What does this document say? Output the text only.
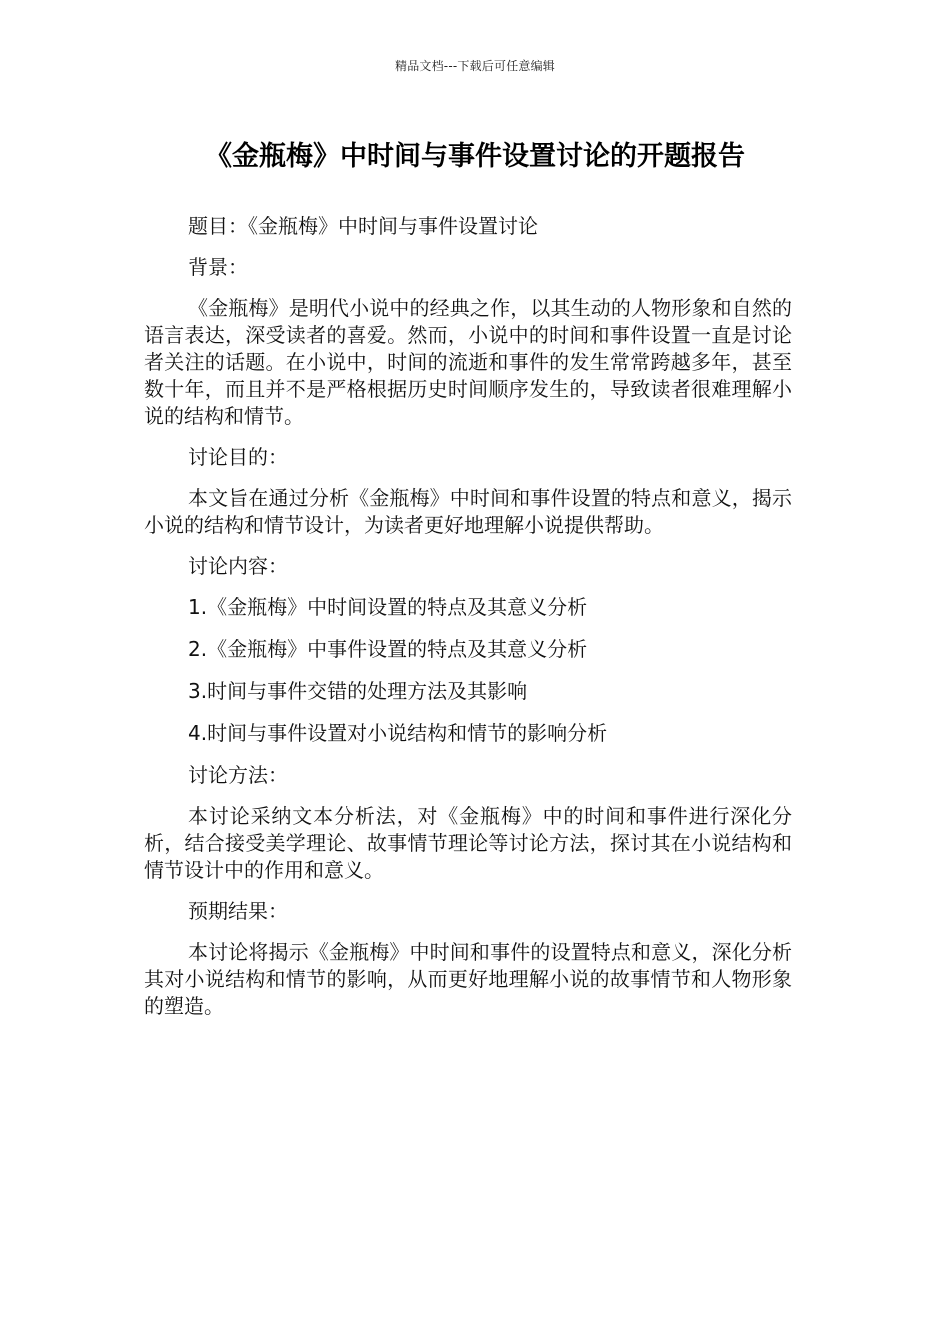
精品文档---下载后可任意编辑
《金瓶梅》中时间与事件设置讨论的开题报告

题目：《金瓶梅》中时间与事件设置讨论

背景：

《金瓶梅》是明代小说中的经典之作，以其生动的人物形象和自然的语言表达，深受读者的喜爱。然而，小说中的时间和事件设置一直是讨论者关注的话题。在小说中，时间的流逝和事件的发生常常跨越多年，甚至数十年，而且并不是严格根据历史时间顺序发生的，导致读者很难理解小说的结构和情节。

讨论目的：

本文旨在通过分析《金瓶梅》中时间和事件设置的特点和意义，揭示小说的结构和情节设计，为读者更好地理解小说提供帮助。

讨论内容：

1.《金瓶梅》中时间设置的特点及其意义分析

2.《金瓶梅》中事件设置的特点及其意义分析

3.时间与事件交错的处理方法及其影响

4.时间与事件设置对小说结构和情节的影响分析

讨论方法：

本讨论采纳文本分析法，对《金瓶梅》中的时间和事件进行深化分析，结合接受美学理论、故事情节理论等讨论方法，探讨其在小说结构和情节设计中的作用和意义。

预期结果：

本讨论将揭示《金瓶梅》中时间和事件的设置特点和意义，深化分析其对小说结构和情节的影响，从而更好地理解小说的故事情节和人物形象的塑造。
